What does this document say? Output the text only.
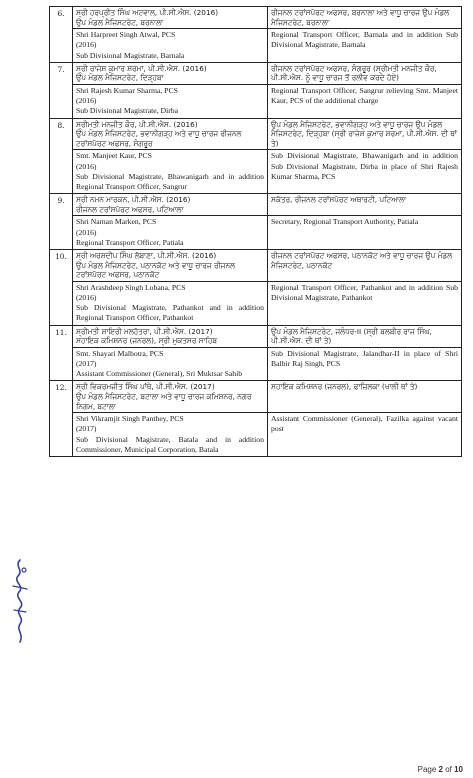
6.	ਸ੍ਰੀ ਹਰਪ੍ਰੀਤ ਸਿੰਘ ਅਟਵਾਲ, ਪੀ.ਸੀ.ਐਸ. (2016)
ਉਪ ਮੰਡਲ ਮੈਜਿਸਟਰੇਟ, ਬਰਨਾਲਾ	ਰੀਜਨਲ ਟਰਾਂਸਪੋਰਟ ਅਫਸਰ, ਬਰਨਾਲਾ ਅਤੇ ਵਾਧੂ ਚਾਰਜ ਉਪ ਮੰਡਲ ਮੈਜਿਸਟਰੇਟ, ਬਰਨਾਲਾ
	Shri Harpreet Singh Atwal, PCS
(2016)
Sub Divisional Magistrate, Barnala	Regional Transport Officer, Barnala and in addition Sub Divisional Magistrate, Barnala
7.	ਸ੍ਰੀ ਰਾਜੇਸ਼ ਕੁਮਾਰ ਸ਼ਰਮਾ, ਪੀ.ਸੀ.ਐਸ. (2016)
ਉਪ ਮੰਡਲ ਮੈਜਿਸਟਰੇਟ, ਦਿੜ੍ਹਬਾ	ਰੀਜਨਲ ਟਰਾਂਸਪੋਰਟ ਅਫਸਰ, ਸੰਗਰੂਰ (ਸ੍ਰੀਮਤੀ ਮਨਜੀਤ ਕੌਰ, ਪੀ.ਸੀ.ਐਸ. ਨੂੰ ਵਾਧੂ ਚਾਰਜ ਤੋਂ ਰਲੀਵ ਕਰਦੇ ਹੋਏ)
	Shri Rajesh Kumar Sharma, PCS
(2016)
Sub Divisional Magistrate, Dirba	Regional Transport Officer, Sangrur relieving Smt. Manjeet Kaur, PCS of the additional charge
8.	ਸ੍ਰੀਮਤੀ ਮਨਜੀਤ ਕੌਰ, ਪੀ.ਸੀ.ਐਸ. (2016)
ਉਪ ਮੰਡਲ ਮੈਜਿਸਟਰੇਟ, ਭਵਾਨੀਗੜ੍ਹ ਅਤੇ ਵਾਧੂ ਚਾਰਜ ਰੀਜਨਲ ਟਰਾਂਸਪੋਰਟ ਅਫਸਰ, ਸੰਗਰੂਰ	ਉਪ ਮੰਡਲ ਮੈਜਿਸਟਰੇਟ, ਭਵਾਨੀਗੜ੍ਹ ਅਤੇ ਵਾਧੂ ਚਾਰਜ ਉਪ ਮੰਡਲ ਮੈਜਿਸਟਰੇਟ, ਦਿੜ੍ਹਬਾ (ਸ੍ਰੀ ਰਾਜੇਸ਼ ਕੁਮਾਰ ਸ਼ਰਮਾ, ਪੀ.ਸੀ.ਐਸ. ਦੀ ਥਾਂ ਤੇ)
	Smt. Manjeet Kaur, PCS
(2016)
Sub Divisional Magistrate, Bhawanigarh and in addition Regional Transport Officer, Sangrur	Sub Divisional Magistrate, Bhawanigarh and in addition Sub Divisional Magistrate, Dirba in place of Shri Rajesh Kumar Sharma, PCS
9.	ਸ੍ਰੀ ਨਮਨ ਮਾਰਕਨ, ਪੀ.ਸੀ.ਐਸ. (2016)
ਰੀਜਨਲ ਟਰਾਂਸਪੋਰਟ ਅਫਸਰ, ਪਟਿਆਲਾ	ਸਕੱਤਰ, ਰੀਜਨਲ ਟਰਾਂਸਪੋਰਟ ਅਥਾਰਟੀ, ਪਟਿਆਲਾ
	Shri Naman Marken, PCS
(2016)
Regional Transport Officer, Patiala	Secretary, Regional Transport Authority, Patiala
10.	ਸ੍ਰੀ ਅਰਸ਼ਦੀਪ ਸਿੰਘ ਲੋਬਾਣਾ, ਪੀ.ਸੀ.ਐਸ. (2016)
ਉਪ ਮੰਡਲ ਮੈਜਿਸਟਰੇਟ, ਪਠਾਨਕੋਟ ਅਤੇ ਵਾਧੂ ਚਾਰਜ ਰੀਜਨਲ ਟਰਾਂਸਪੋਰਟ ਅਫਸਰ, ਪਠਾਨਕੋਟ	ਰੀਜਨਲ ਟਰਾਂਸਪੋਰਟ ਅਫਸਰ, ਪਠਾਨਕੋਟ ਅਤੇ ਵਾਧੂ ਚਾਰਜ ਉਪ ਮੰਡਲ ਮੈਜਿਸਟਰੇਟ, ਪਠਾਨਕੋਟ
	Shri Arashdeep Singh Lobana, PCS
(2016)
Sub Divisional Magistrate, Pathankot and in addition Regional Transport Officer, Pathankot	Regional Transport Officer, Pathankot and in addition Sub Divisional Magistrate, Pathankot
11.	ਸ੍ਰੀਮਤੀ ਸ਼ਾਇਰੀ ਮਲਹੋਤਰਾ, ਪੀ.ਸੀ.ਐਸ. (2017)
ਸਹਾਇਕ ਕਮਿਸ਼ਨਰ (ਜਨਰਲ), ਸ੍ਰੀ ਮੁਕਤਸਰ ਸਾਹਿਬ	ਉਪ ਮੰਡਲ ਮੈਜਿਸਟਰੇਟ, ਜਲੰਧਰ-II (ਸ੍ਰੀ ਬਲਬੀਰ ਰਾਜ ਸਿੰਘ, ਪੀ.ਸੀ.ਐਸ. ਦੀ ਥਾਂ ਤੇ)
	Smt. Shayari Malhotra, PCS
(2017)
Assistant Commissioner (General), Sri Muktsar Sahib	Sub Divisional Magistrate, Jalandhar-II in place of Shri Balbir Raj Singh, PCS
12.	ਸ੍ਰੀ ਵਿਕਰਮਜੀਤ ਸਿੰਘ ਪਾਂਥੇ, ਪੀ.ਸੀ.ਐਸ. (2017)
ਉਪ ਮੰਡਲ ਮੈਜਿਸਟਰੇਟ, ਬਟਾਲਾ ਅਤੇ ਵਾਧੂ ਚਾਰਜ ਕਮਿਸ਼ਨਰ, ਨਗਰ ਨਿਗਮ, ਬਟਾਲਾ	ਸਹਾਇਕ ਕਮਿਸ਼ਨਰ (ਜਨਰਲ), ਫਾਜ਼ਿਲਕਾ (ਖਾਲੀ ਥਾਂ ਤੇ)
	Shri Vikramjit Singh Panthey, PCS
(2017)
Sub Divisional Magistrate, Batala and in addition Commissioner, Municipal Corporation, Batala	Assistant Commissioner (General), Fazilka against vacant post
Page 2 of 10
